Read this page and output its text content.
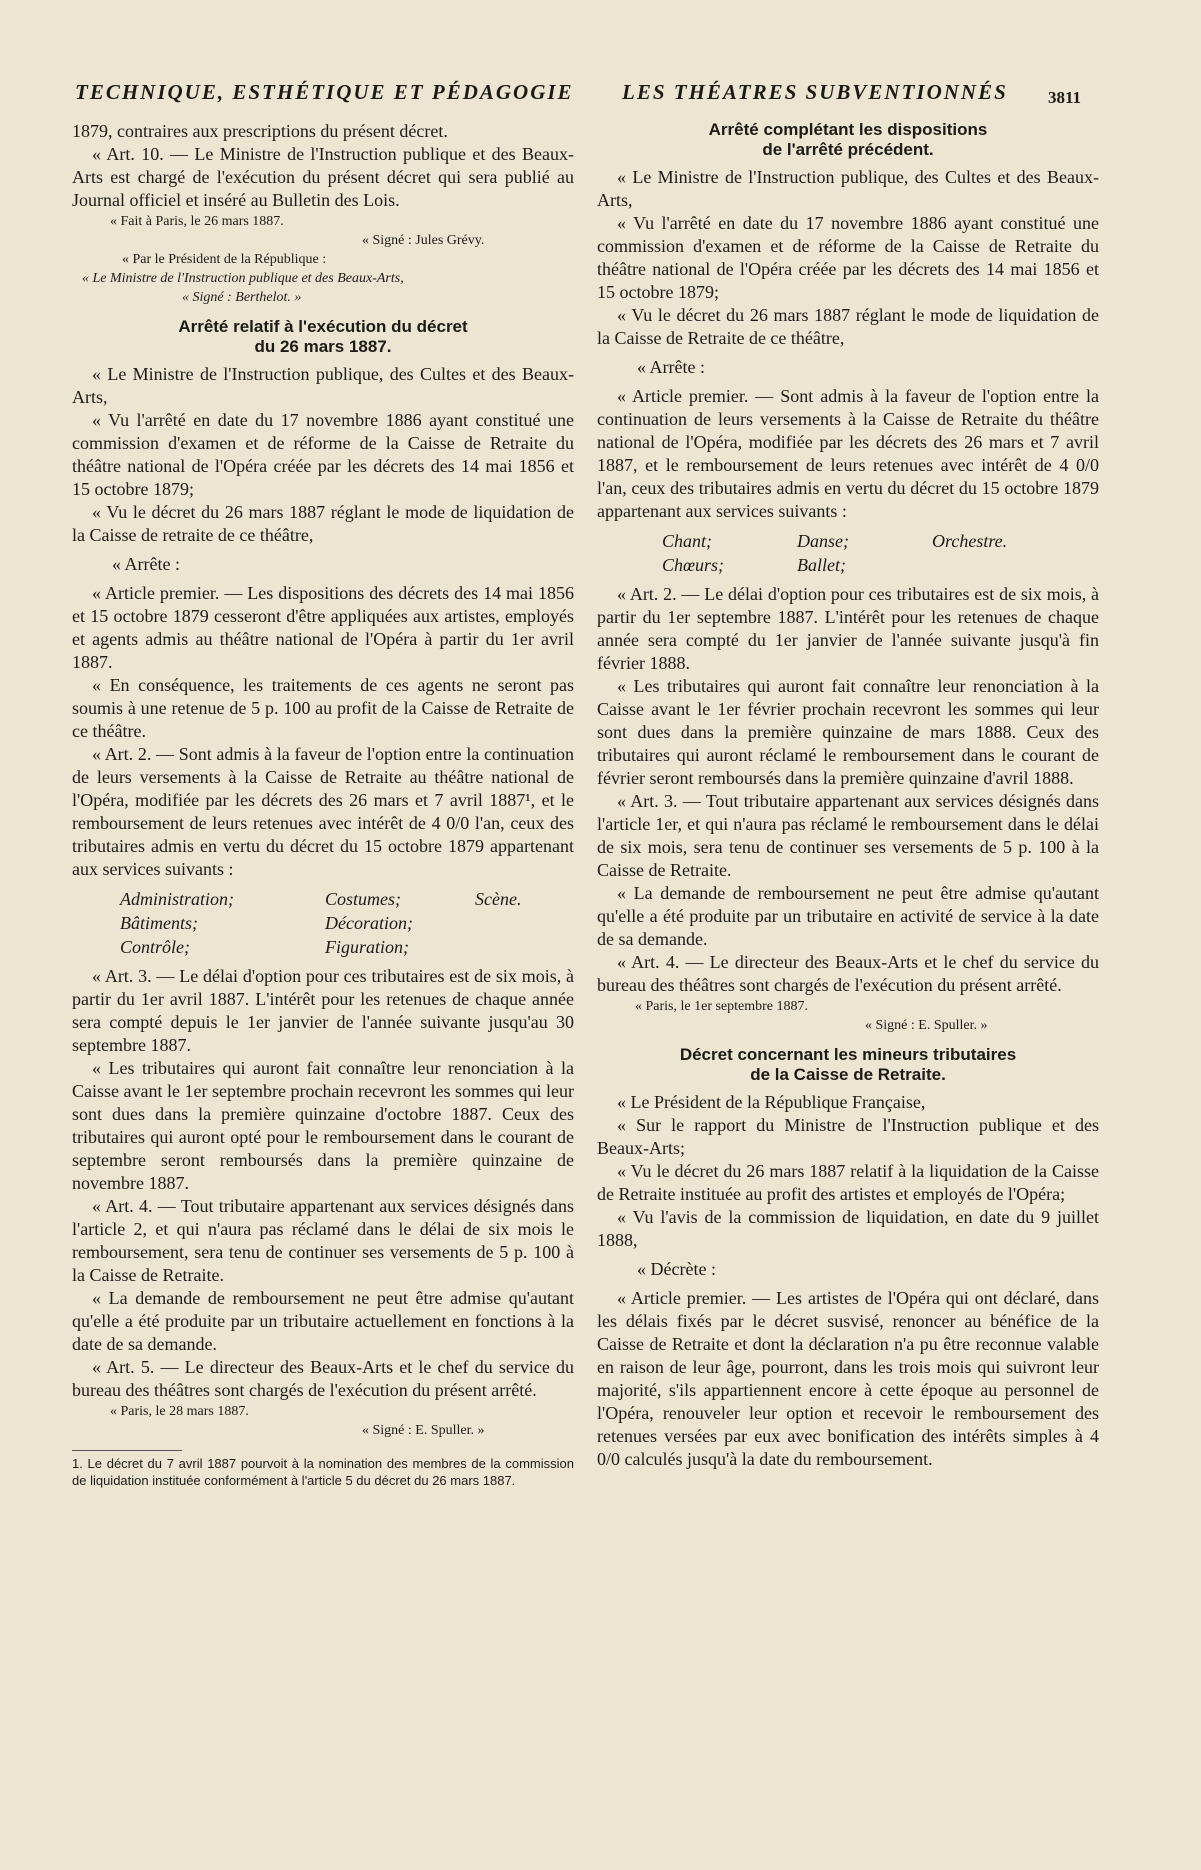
TECHNIQUE, ESTHÉTIQUE ET PÉDAGOGIE LES THÉATRES SUBVENTIONNÉS 3811

1879, contraires aux prescriptions du présent décret.

« Art. 10. — Le Ministre de l'Instruction publique et des Beaux-Arts est chargé de l'exécution du présent décret qui sera publié au Journal officiel et inséré au Bulletin des Lois.

« Fait à Paris, le 26 mars 1887.

« Signé : Jules Grévy.

« Par le Président de la République :

« Le Ministre de l'Instruction publique et des Beaux-Arts,

« Signé : Berthelot. »

Arrêté relatif à l'exécution du décret
du 26 mars 1887.

« Le Ministre de l'Instruction publique, des Cultes et des Beaux-Arts,

« Vu l'arrêté en date du 17 novembre 1886 ayant constitué une commission d'examen et de réforme de la Caisse de Retraite du théâtre national de l'Opéra créée par les décrets des 14 mai 1856 et 15 octobre 1879;

« Vu le décret du 26 mars 1887 réglant le mode de liquidation de la Caisse de retraite de ce théâtre,

« Arrête :

« Article premier. — Les dispositions des décrets des 14 mai 1856 et 15 octobre 1879 cesseront d'être appliquées aux artistes, employés et agents admis au théâtre national de l'Opéra à partir du 1er avril 1887.

« En conséquence, les traitements de ces agents ne seront pas soumis à une retenue de 5 p. 100 au profit de la Caisse de Retraite de ce théâtre.

« Art. 2. — Sont admis à la faveur de l'option entre la continuation de leurs versements à la Caisse de Retraite au théâtre national de l'Opéra, modifiée par les décrets des 26 mars et 7 avril 1887¹, et le remboursement de leurs retenues avec intérêt de 4 0/0 l'an, ceux des tributaires admis en vertu du décret du 15 octobre 1879 appartenant aux services suivants :

Administration;	Costumes;	Scène.
Bâtiments;	Décoration;
Contrôle;	Figuration;

« Art. 3. — Le délai d'option pour ces tributaires est de six mois, à partir du 1er avril 1887. L'intérêt pour les retenues de chaque année sera compté depuis le 1er janvier de l'année suivante jusqu'au 30 septembre 1887.

« Les tributaires qui auront fait connaître leur renonciation à la Caisse avant le 1er septembre prochain recevront les sommes qui leur sont dues dans la première quinzaine d'octobre 1887. Ceux des tributaires qui auront opté pour le remboursement dans le courant de septembre seront remboursés dans la première quinzaine de novembre 1887.

« Art. 4. — Tout tributaire appartenant aux services désignés dans l'article 2, et qui n'aura pas réclamé dans le délai de six mois le remboursement, sera tenu de continuer ses versements de 5 p. 100 à la Caisse de Retraite.

« La demande de remboursement ne peut être admise qu'autant qu'elle a été produite par un tributaire actuellement en fonctions à la date de sa demande.

« Art. 5. — Le directeur des Beaux-Arts et le chef du service du bureau des théâtres sont chargés de l'exécution du présent arrêté.

« Paris, le 28 mars 1887.

« Signé : E. Spuller. »

1. Le décret du 7 avril 1887 pourvoit à la nomination des membres de la commission de liquidation instituée conformément à l'article 5 du décret du 26 mars 1887.

Arrêté complétant les dispositions
de l'arrêté précédent.

« Le Ministre de l'Instruction publique, des Cultes et des Beaux-Arts,

« Vu l'arrêté en date du 17 novembre 1886 ayant constitué une commission d'examen et de réforme de la Caisse de Retraite du théâtre national de l'Opéra créée par les décrets des 14 mai 1856 et 15 octobre 1879;

« Vu le décret du 26 mars 1887 réglant le mode de liquidation de la Caisse de Retraite de ce théâtre,

« Arrête :

« Article premier. — Sont admis à la faveur de l'option entre la continuation de leurs versements à la Caisse de Retraite du théâtre national de l'Opéra, modifiée par les décrets des 26 mars et 7 avril 1887, et le remboursement de leurs retenues avec intérêt de 4 0/0 l'an, ceux des tributaires admis en vertu du décret du 15 octobre 1879 appartenant aux services suivants :

Chant;	Danse;	Orchestre.
Chœurs;	Ballet;

« Art. 2. — Le délai d'option pour ces tributaires est de six mois, à partir du 1er septembre 1887. L'intérêt pour les retenues de chaque année sera compté du 1er janvier de l'année suivante jusqu'à fin février 1888.

« Les tributaires qui auront fait connaître leur renonciation à la Caisse avant le 1er février prochain recevront les sommes qui leur sont dues dans la première quinzaine de mars 1888. Ceux des tributaires qui auront réclamé le remboursement dans le courant de février seront remboursés dans la première quinzaine d'avril 1888.

« Art. 3. — Tout tributaire appartenant aux services désignés dans l'article 1er, et qui n'aura pas réclamé le remboursement dans le délai de six mois, sera tenu de continuer ses versements de 5 p. 100 à la Caisse de Retraite.

« La demande de remboursement ne peut être admise qu'autant qu'elle a été produite par un tributaire en activité de service à la date de sa demande.

« Art. 4. — Le directeur des Beaux-Arts et le chef du service du bureau des théâtres sont chargés de l'exécution du présent arrêté.

« Paris, le 1er septembre 1887.

« Signé : E. Spuller. »

Décret concernant les mineurs tributaires
de la Caisse de Retraite.

« Le Président de la République Française,

« Sur le rapport du Ministre de l'Instruction publique et des Beaux-Arts;

« Vu le décret du 26 mars 1887 relatif à la liquidation de la Caisse de Retraite instituée au profit des artistes et employés de l'Opéra;

« Vu l'avis de la commission de liquidation, en date du 9 juillet 1888,

« Décrète :

« Article premier. — Les artistes de l'Opéra qui ont déclaré, dans les délais fixés par le décret susvisé, renoncer au bénéfice de la Caisse de Retraite et dont la déclaration n'a pu être reconnue valable en raison de leur âge, pourront, dans les trois mois qui suivront leur majorité, s'ils appartiennent encore à cette époque au personnel de l'Opéra, renouveler leur option et recevoir le remboursement des retenues versées par eux avec bonification des intérêts simples à 4 0/0 calculés jusqu'à la date du remboursement.
